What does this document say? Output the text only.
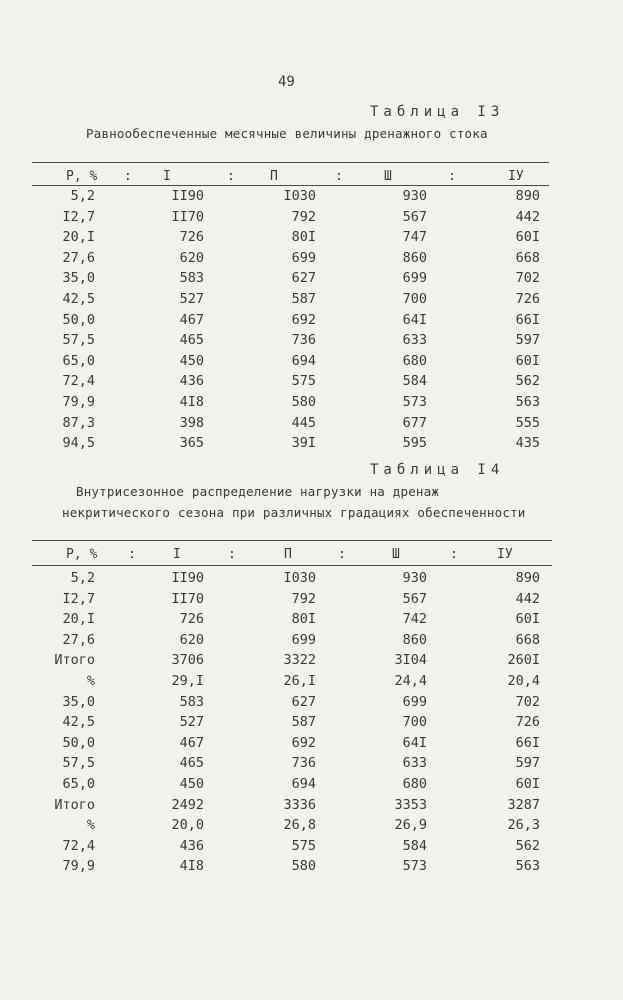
49
Таблица I3
Равнообеспеченные месячные величины дренажного стока
P, % : I	:	П	:	Ш	:	IУ
5,2	II90	I030	930	890
I2,7	II70	792	567	442
20,I	726	80I	747	60I
27,6	620	699	860	668
35,0	583	627	699	702
42,5	527	587	700	726
50,0	467	692	64I	66I
57,5	465	736	633	597
65,0	450	694	680	60I
72,4	436	575	584	562
79,9	4I8	580	573	563
87,3	398	445	677	555
94,5	365	39I	595	435
Таблица I4
Внутрисезонное распределение нагрузки на дренаж
некритического сезона при различных градациях обеспеченности
P, % :	I	:	П	:	Ш	:	IУ
5,2	II90	I030	930	890
I2,7	II70	792	567	442
20,I	726	80I	742	60I
27,6	620	699	860	668
Итого	3706	3322	3I04	260I
%	29,I	26,I	24,4	20,4
35,0	583	627	699	702
42,5	527	587	700	726
50,0	467	692	64I	66I
57,5	465	736	633	597
65,0	450	694	680	60I
Итого	2492	3336	3353	3287
%	20,0	26,8	26,9	26,3
72,4	436	575	584	562
79,9	4I8	580	573	563
